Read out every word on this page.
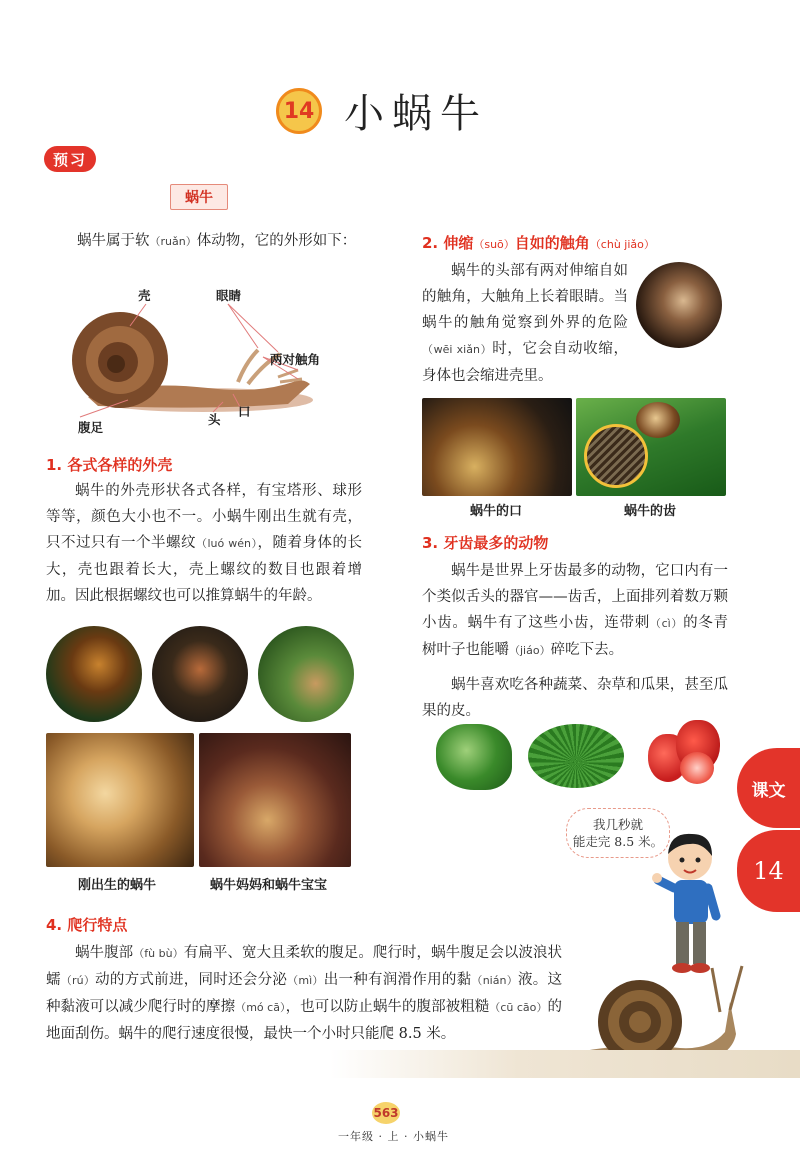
14 小蜗牛
预习
蜗牛
蜗牛属于软（ruǎn）体动物，它的外形如下：
壳	眼睛
两对触角
口
头
腹足
1. 各式各样的外壳
蜗牛的外壳形状各式各样，有宝塔形、球形等等，颜色大小也不一。小蜗牛刚出生就有壳，只不过只有一个半螺纹（luó wén），随着身体的长大，壳也跟着长大，壳上螺纹的数目也跟着增加。因此根据螺纹也可以推算蜗牛的年龄。
刚出生的蜗牛	蜗牛妈妈和蜗牛宝宝
2. 伸缩（suō）自如的触角（chù jiǎo）
蜗牛的头部有两对伸缩自如的触角，大触角上长着眼睛。当蜗牛的触角觉察到外界的危险（wēi xiǎn）时，它会自动收缩，身体也会缩进壳里。
蜗牛的口	蜗牛的齿
3. 牙齿最多的动物
蜗牛是世界上牙齿最多的动物，它口内有一个类似舌头的器官——齿舌，上面排列着数万颗小齿。蜗牛有了这些小齿，连带刺（cì）的冬青树叶子也能嚼（jiáo）碎吃下去。
蜗牛喜欢吃各种蔬菜、杂草和瓜果，甚至瓜果的皮。
课文
14
我几秒就
能走完 8.5 米。
4. 爬行特点
蜗牛腹部（fù bù）有扁平、宽大且柔软的腹足。爬行时，蜗牛腹足会以波浪状蠕（rú）动的方式前进，同时还会分泌（mì）出一种有润滑作用的黏（nián）液。这种黏液可以减少爬行时的摩擦（mó cā），也可以防止蜗牛的腹部被粗糙（cū cāo）的地面刮伤。蜗牛的爬行速度很慢，最快一个小时只能爬 8.5 米。
563
一年级 · 上 · 小蜗牛
